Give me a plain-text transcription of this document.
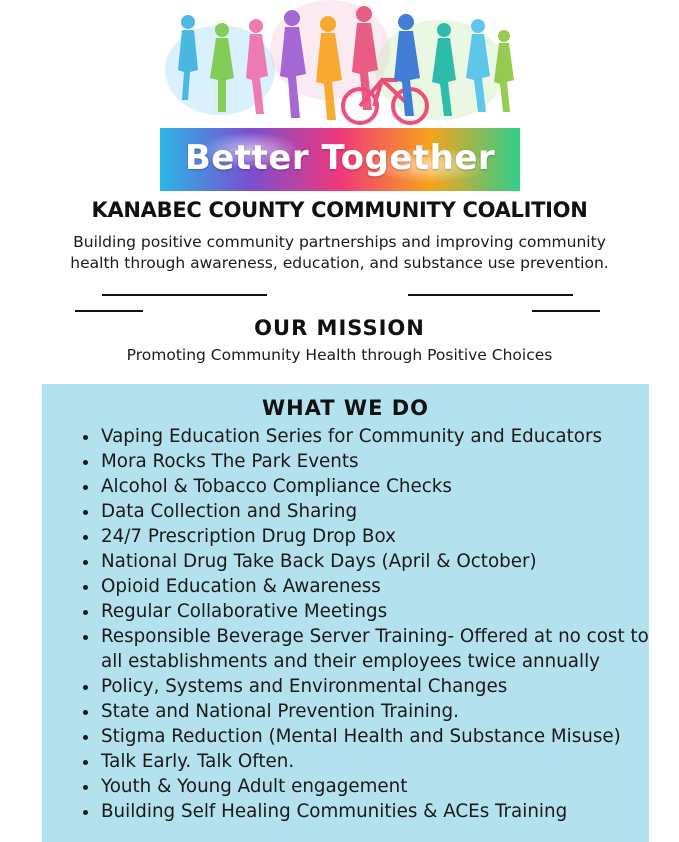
Better Together
KANABEC COUNTY COMMUNITY COALITION
Building positive community partnerships and improving community
health through awareness, education, and substance use prevention.
OUR MISSION
Promoting Community Health through Positive Choices
WHAT WE DO
• Vaping Education Series for Community and Educators
• Mora Rocks The Park Events
• Alcohol & Tobacco Compliance Checks
• Data Collection and Sharing
• 24/7 Prescription Drug Drop Box
• National Drug Take Back Days (April & October)
• Opioid Education & Awareness
• Regular Collaborative Meetings
• Responsible Beverage Server Training- Offered at no cost to all establishments and their employees twice annually
• Policy, Systems and Environmental Changes
• State and National Prevention Training.
• Stigma Reduction (Mental Health and Substance Misuse)
• Talk Early. Talk Often.
• Youth & Young Adult engagement
• Building Self Healing Communities & ACEs Training
